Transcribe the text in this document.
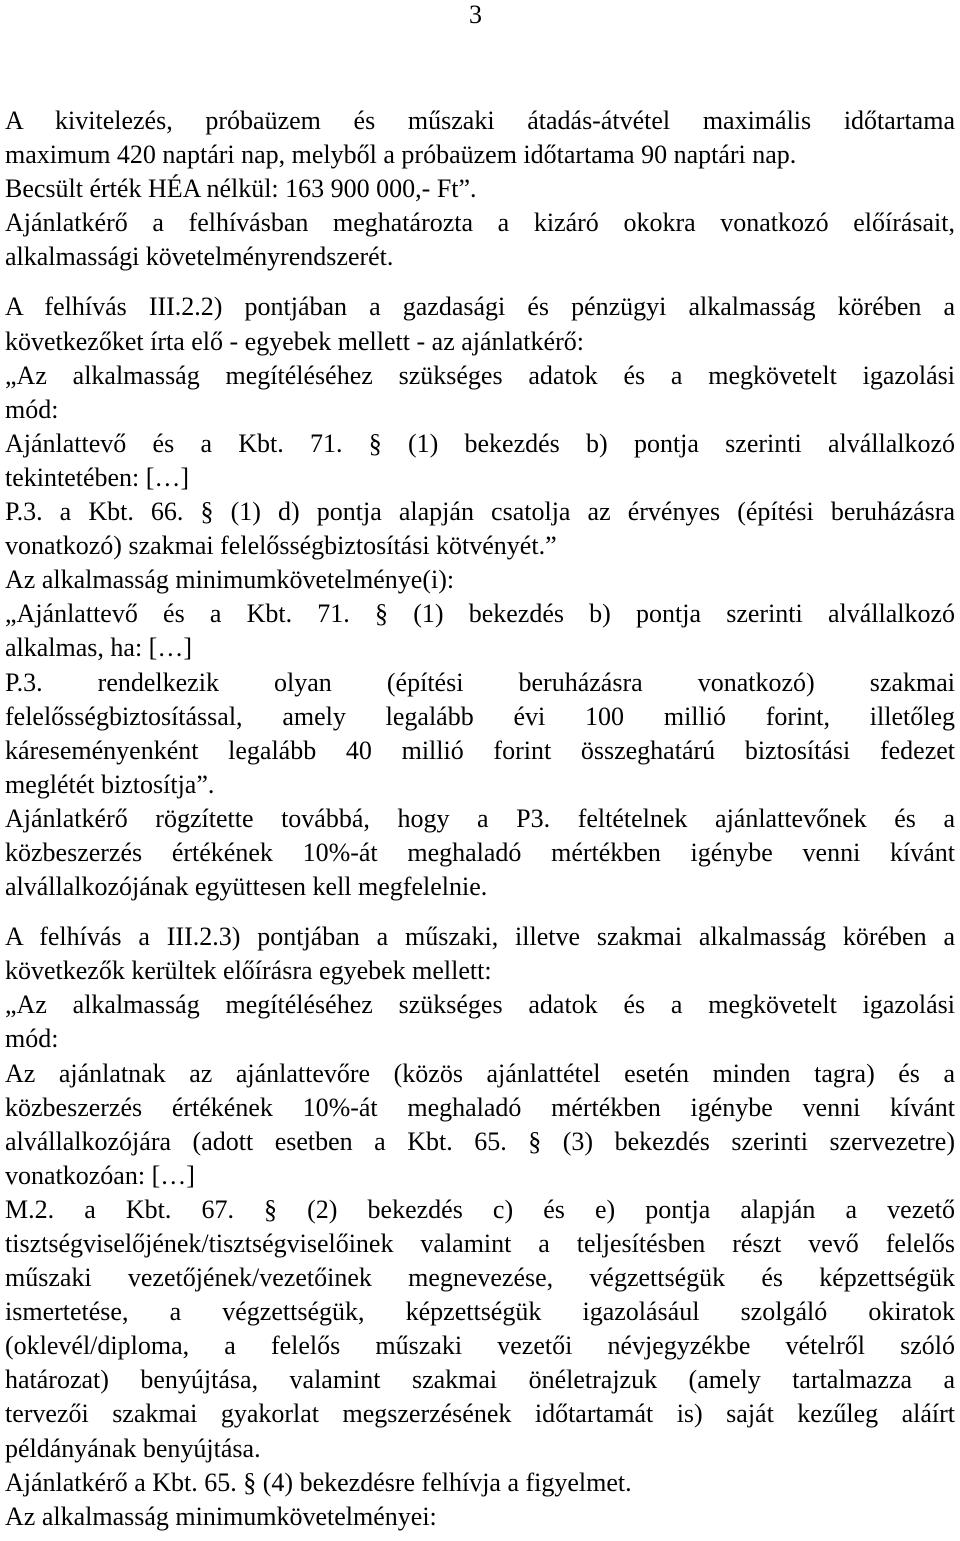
3
A kivitelezés, próbaüzem és műszaki átadás-átvétel maximális időtartama
maximum 420 naptári nap, melyből a próbaüzem időtartama 90 naptári nap.
Becsült érték HÉA nélkül: 163 900 000,- Ft”.
Ajánlatkérő a felhívásban meghatározta a kizáró okokra vonatkozó előírásait,
alkalmassági követelményrendszerét.
A felhívás III.2.2) pontjában a gazdasági és pénzügyi alkalmasság körében a
következőket írta elő - egyebek mellett - az ajánlatkérő:
„Az alkalmasság megítéléséhez szükséges adatok és a megkövetelt igazolási
mód:
Ajánlattevő és a Kbt. 71. § (1) bekezdés b) pontja szerinti alvállalkozó
tekintetében: […]
P.3. a Kbt. 66. § (1) d) pontja alapján csatolja az érvényes (építési beruházásra
vonatkozó) szakmai felelősségbiztosítási kötvényét.”
Az alkalmasság minimumkövetelménye(i):
„Ajánlattevő és a Kbt. 71. § (1) bekezdés b) pontja szerinti alvállalkozó
alkalmas, ha: […]
P.3. rendelkezik olyan (építési beruházásra vonatkozó) szakmai
felelősségbiztosítással, amely legalább évi 100 millió forint, illetőleg
káreseményenként legalább 40 millió forint összeghatárú biztosítási fedezet
meglétét biztosítja”.
Ajánlatkérő rögzítette továbbá, hogy a P3. feltételnek ajánlattevőnek és a
közbeszerzés értékének 10%-át meghaladó mértékben igénybe venni kívánt
alvállalkozójának együttesen kell megfelelnie.
A felhívás a III.2.3) pontjában a műszaki, illetve szakmai alkalmasság körében a
következők kerültek előírásra egyebek mellett:
„Az alkalmasság megítéléséhez szükséges adatok és a megkövetelt igazolási
mód:
Az ajánlatnak az ajánlattevőre (közös ajánlattétel esetén minden tagra) és a
közbeszerzés értékének 10%-át meghaladó mértékben igénybe venni kívánt
alvállalkozójára (adott esetben a Kbt. 65. § (3) bekezdés szerinti szervezetre)
vonatkozóan: […]
M.2. a Kbt. 67. § (2) bekezdés c) és e) pontja alapján a vezető
tisztségviselőjének/tisztségviselőinek valamint a teljesítésben részt vevő felelős
műszaki vezetőjének/vezetőinek megnevezése, végzettségük és képzettségük
ismertetése, a végzettségük, képzettségük igazolásául szolgáló okiratok
(oklevél/diploma, a felelős műszaki vezetői névjegyzékbe vételről szóló
határozat) benyújtása, valamint szakmai önéletrajzuk (amely tartalmazza a
tervezői szakmai gyakorlat megszerzésének időtartamát is) saját kezűleg aláírt
példányának benyújtása.
Ajánlatkérő a Kbt. 65. § (4) bekezdésre felhívja a figyelmet.
Az alkalmasság minimumkövetelményei:
